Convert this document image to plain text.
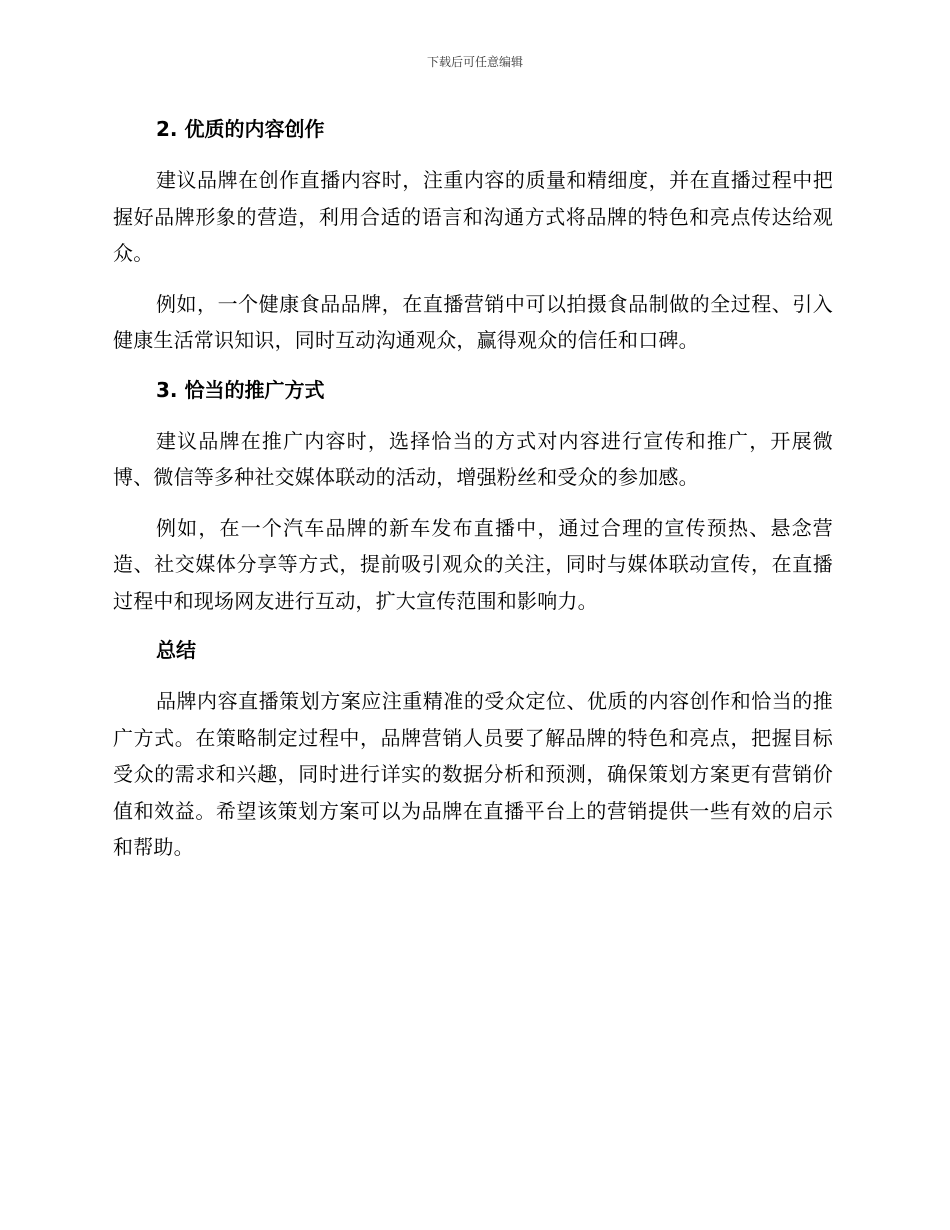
下载后可任意编辑
2. 优质的内容创作

建议品牌在创作直播内容时，注重内容的质量和精细度，并在直播过程中把握好品牌形象的营造，利用合适的语言和沟通方式将品牌的特色和亮点传达给观众。

例如，一个健康食品品牌，在直播营销中可以拍摄食品制做的全过程、引入健康生活常识知识，同时互动沟通观众，赢得观众的信任和口碑。

3. 恰当的推广方式

建议品牌在推广内容时，选择恰当的方式对内容进行宣传和推广，开展微博、微信等多种社交媒体联动的活动，增强粉丝和受众的参加感。

例如，在一个汽车品牌的新车发布直播中，通过合理的宣传预热、悬念营造、社交媒体分享等方式，提前吸引观众的关注，同时与媒体联动宣传，在直播过程中和现场网友进行互动，扩大宣传范围和影响力。

总结

品牌内容直播策划方案应注重精准的受众定位、优质的内容创作和恰当的推广方式。在策略制定过程中，品牌营销人员要了解品牌的特色和亮点，把握目标受众的需求和兴趣，同时进行详实的数据分析和预测，确保策划方案更有营销价值和效益。希望该策划方案可以为品牌在直播平台上的营销提供一些有效的启示和帮助。
